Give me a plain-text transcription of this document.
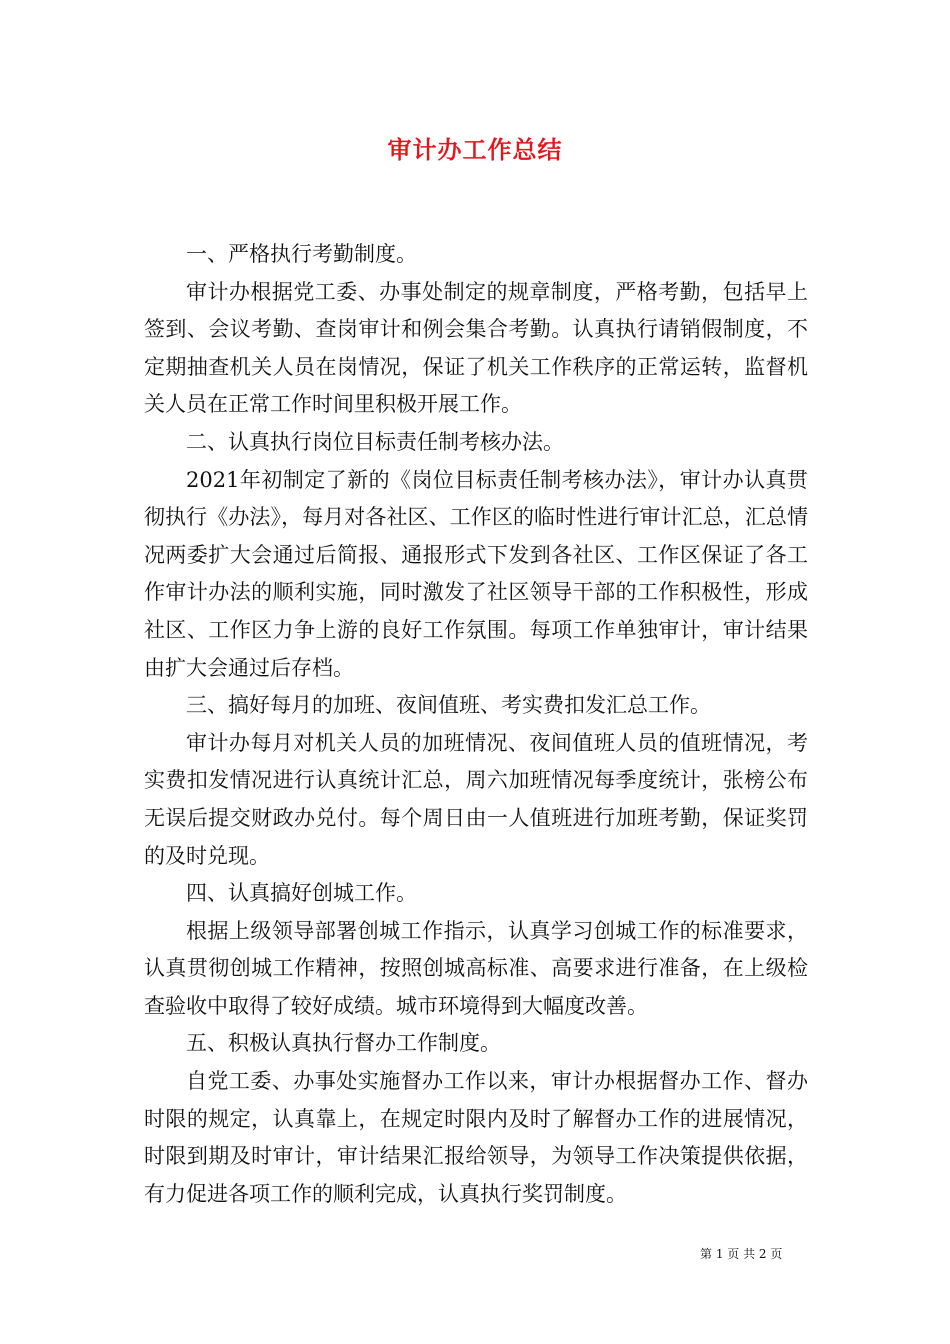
审计办工作总结

一、严格执行考勤制度。

审计办根据党工委、办事处制定的规章制度，严格考勤，包括早上签到、会议考勤、查岗审计和例会集合考勤。认真执行请销假制度，不定期抽查机关人员在岗情况，保证了机关工作秩序的正常运转，监督机关人员在正常工作时间里积极开展工作。

二、认真执行岗位目标责任制考核办法。

2021年初制定了新的《岗位目标责任制考核办法》，审计办认真贯彻执行《办法》，每月对各社区、工作区的临时性进行审计汇总，汇总情况两委扩大会通过后简报、通报形式下发到各社区、工作区保证了各工作审计办法的顺利实施，同时激发了社区领导干部的工作积极性，形成社区、工作区力争上游的良好工作氛围。每项工作单独审计，审计结果由扩大会通过后存档。

三、搞好每月的加班、夜间值班、考实费扣发汇总工作。

审计办每月对机关人员的加班情况、夜间值班人员的值班情况，考实费扣发情况进行认真统计汇总，周六加班情况每季度统计，张榜公布无误后提交财政办兑付。每个周日由一人值班进行加班考勤，保证奖罚的及时兑现。

四、认真搞好创城工作。

根据上级领导部署创城工作指示，认真学习创城工作的标准要求，认真贯彻创城工作精神，按照创城高标准、高要求进行准备，在上级检查验收中取得了较好成绩。城市环境得到大幅度改善。

五、积极认真执行督办工作制度。

自党工委、办事处实施督办工作以来，审计办根据督办工作、督办时限的规定，认真靠上，在规定时限内及时了解督办工作的进展情况，时限到期及时审计，审计结果汇报给领导，为领导工作决策提供依据，有力促进各项工作的顺利完成，认真执行奖罚制度。

第 1 页 共 2 页
